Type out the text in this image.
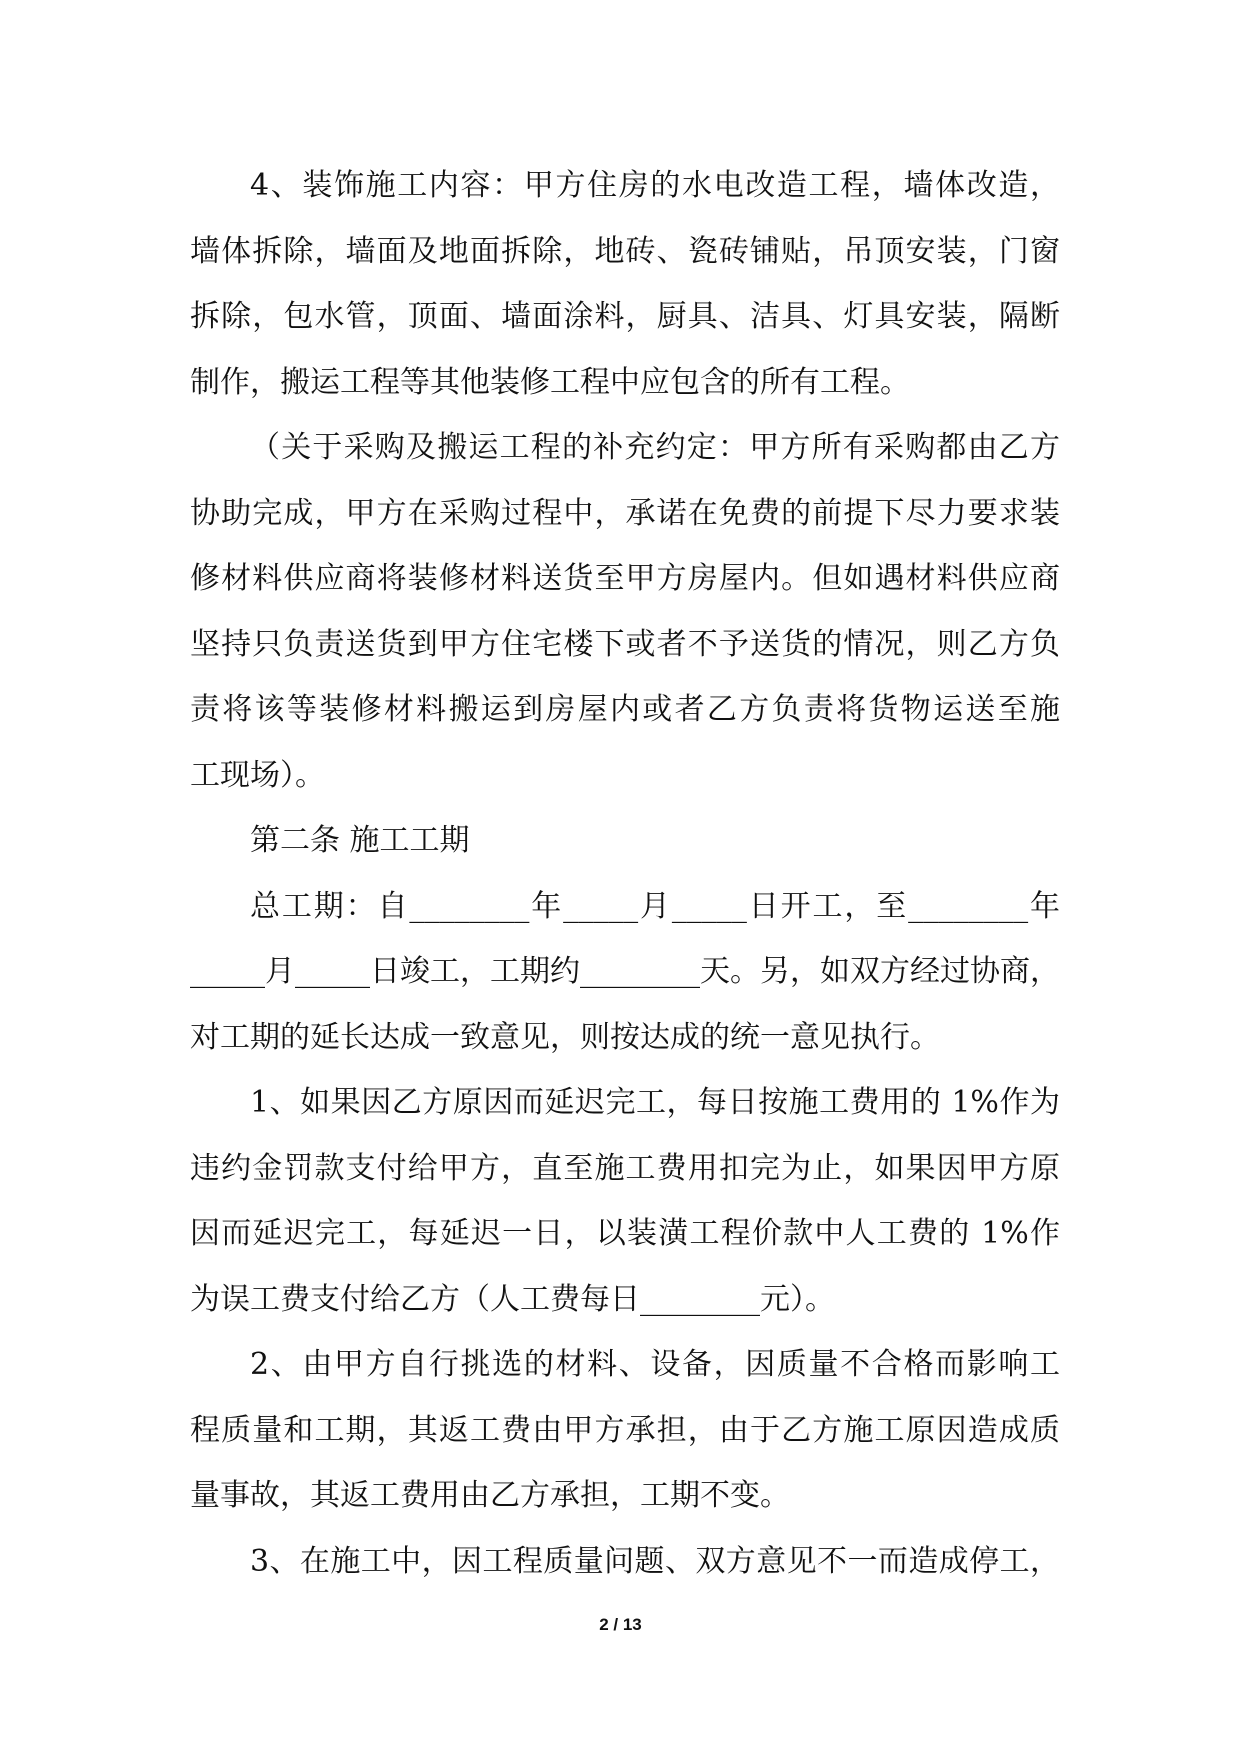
4、装饰施工内容：甲方住房的水电改造工程，墙体改造，
墙体拆除，墙面及地面拆除，地砖、瓷砖铺贴，吊顶安装，门窗
拆除，包水管，顶面、墙面涂料，厨具、洁具、灯具安装，隔断
制作，搬运工程等其他装修工程中应包含的所有工程。
（关于采购及搬运工程的补充约定：甲方所有采购都由乙方
协助完成，甲方在采购过程中，承诺在免费的前提下尽力要求装
修材料供应商将装修材料送货至甲方房屋内。但如遇材料供应商
坚持只负责送货到甲方住宅楼下或者不予送货的情况，则乙方负
责将该等装修材料搬运到房屋内或者乙方负责将货物运送至施
工现场）。
第二条 施工工期
总工期：自________年_____月_____日开工，至________年
_____月_____日竣工，工期约________天。另，如双方经过协商，
对工期的延长达成一致意见，则按达成的统一意见执行。
1、如果因乙方原因而延迟完工，每日按施工费用的 1%作为
违约金罚款支付给甲方，直至施工费用扣完为止，如果因甲方原
因而延迟完工，每延迟一日，以装潢工程价款中人工费的 1%作
为误工费支付给乙方（人工费每日________元）。
2、由甲方自行挑选的材料、设备，因质量不合格而影响工
程质量和工期，其返工费由甲方承担，由于乙方施工原因造成质
量事故，其返工费用由乙方承担，工期不变。
3、在施工中，因工程质量问题、双方意见不一而造成停工，
2 / 13
